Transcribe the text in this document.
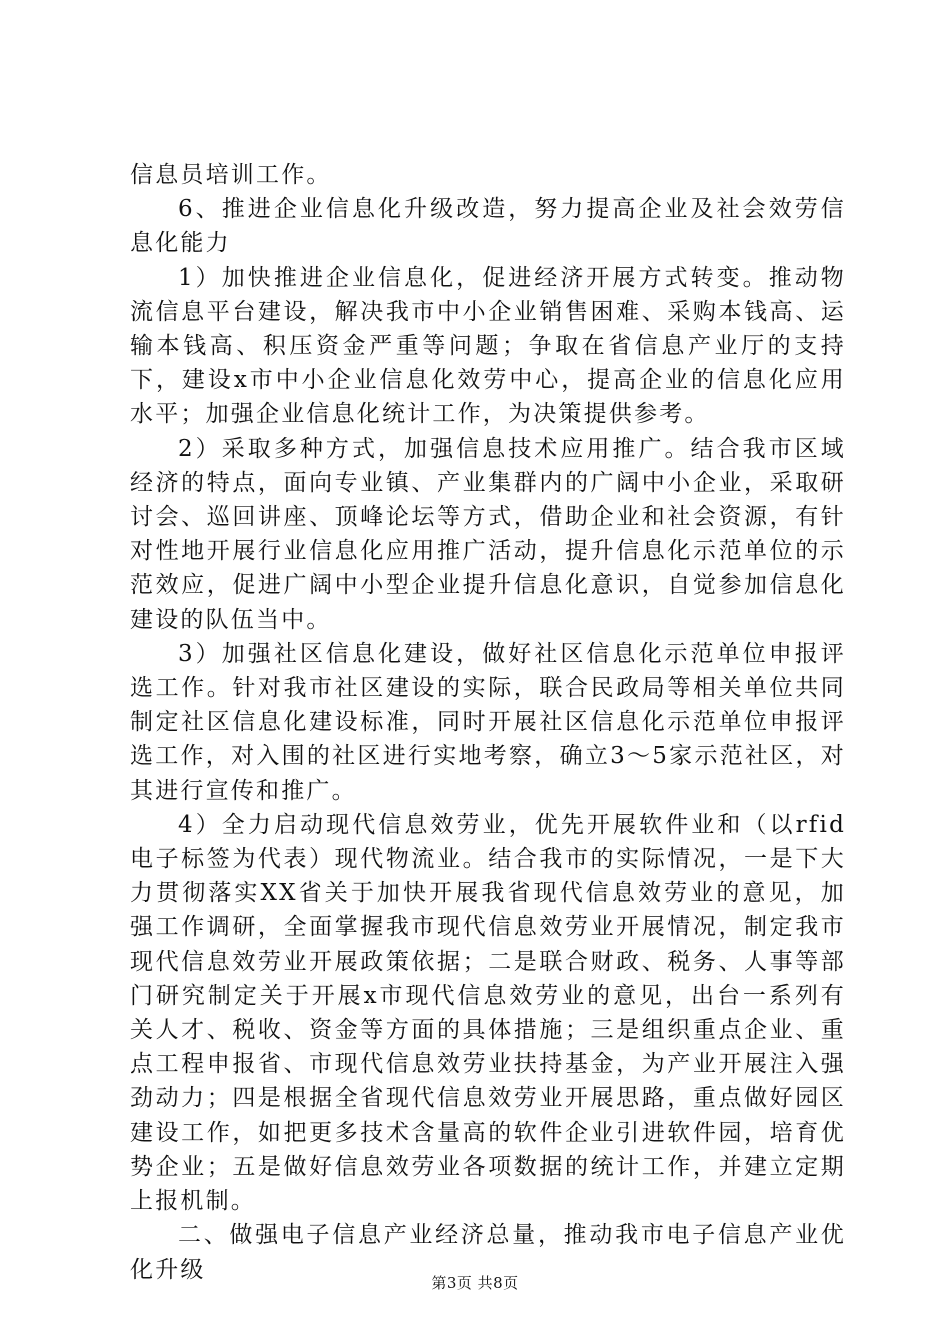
信息员培训工作。

6、推进企业信息化升级改造，努力提高企业及社会效劳信息化能力

1）加快推进企业信息化，促进经济开展方式转变。推动物流信息平台建设，解决我市中小企业销售困难、采购本钱高、运输本钱高、积压资金严重等问题；争取在省信息产业厅的支持下，建设x市中小企业信息化效劳中心，提高企业的信息化应用水平；加强企业信息化统计工作，为决策提供参考。

2）采取多种方式，加强信息技术应用推广。结合我市区域经济的特点，面向专业镇、产业集群内的广阔中小企业，采取研讨会、巡回讲座、顶峰论坛等方式，借助企业和社会资源，有针对性地开展行业信息化应用推广活动，提升信息化示范单位的示范效应，促进广阔中小型企业提升信息化意识，自觉参加信息化建设的队伍当中。

3）加强社区信息化建设，做好社区信息化示范单位申报评选工作。针对我市社区建设的实际，联合民政局等相关单位共同制定社区信息化建设标准，同时开展社区信息化示范单位申报评选工作，对入围的社区进行实地考察，确立3～5家示范社区，对其进行宣传和推广。

4）全力启动现代信息效劳业，优先开展软件业和（以rfid电子标签为代表）现代物流业。结合我市的实际情况，一是下大力贯彻落实XX省关于加快开展我省现代信息效劳业的意见，加强工作调研，全面掌握我市现代信息效劳业开展情况，制定我市现代信息效劳业开展政策依据；二是联合财政、税务、人事等部门研究制定关于开展x市现代信息效劳业的意见，出台一系列有关人才、税收、资金等方面的具体措施；三是组织重点企业、重点工程申报省、市现代信息效劳业扶持基金，为产业开展注入强劲动力；四是根据全省现代信息效劳业开展思路，重点做好园区建设工作，如把更多技术含量高的软件企业引进软件园，培育优势企业；五是做好信息效劳业各项数据的统计工作，并建立定期上报机制。

二、做强电子信息产业经济总量，推动我市电子信息产业优化升级

第3页 共8页
